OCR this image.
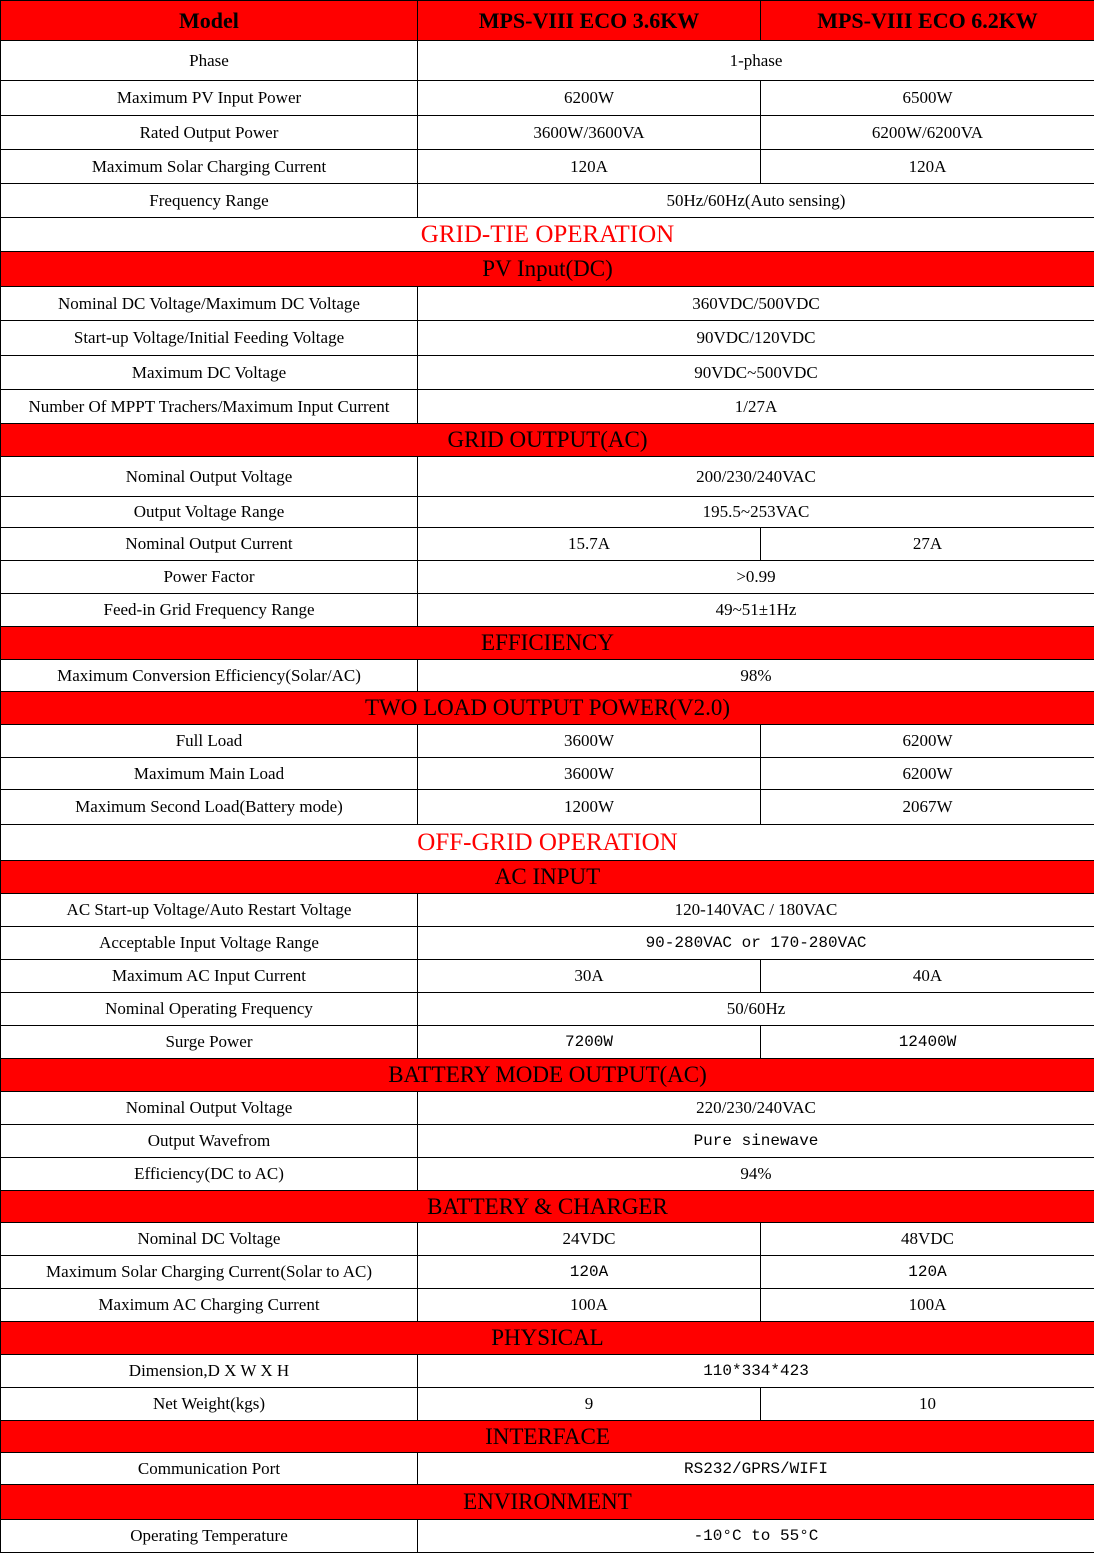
Model	MPS-VIII ECO 3.6KW	MPS-VIII ECO 6.2KW
Phase	1-phase	
Maximum PV Input Power	6200W	6500W
Rated Output Power	3600W/3600VA	6200W/6200VA
Maximum Solar Charging Current	120A	120A
Frequency Range	50Hz/60Hz(Auto sensing)	
GRID-TIE OPERATION		
PV Input(DC)		
Nominal DC Voltage/Maximum DC Voltage	360VDC/500VDC	
Start-up Voltage/Initial Feeding Voltage	90VDC/120VDC	
Maximum DC Voltage	90VDC~500VDC	
Number Of MPPT Trachers/Maximum Input Current	1/27A	
GRID OUTPUT(AC)		
Nominal Output Voltage	200/230/240VAC	
Output Voltage Range	195.5~253VAC	
Nominal Output Current	15.7A	27A
Power Factor	>0.99	
Feed-in Grid Frequency Range	49~51±1Hz	
EFFICIENCY		
Maximum Conversion Efficiency(Solar/AC)	98%	
TWO LOAD OUTPUT POWER(V2.0)		
Full Load	3600W	6200W
Maximum Main Load	3600W	6200W
Maximum Second Load(Battery mode)	1200W	2067W
OFF-GRID OPERATION		
AC INPUT		
AC Start-up Voltage/Auto Restart Voltage	120-140VAC / 180VAC	
Acceptable Input Voltage Range	90-280VAC or 170-280VAC	
Maximum AC Input Current	30A	40A
Nominal Operating Frequency	50/60Hz	
Surge Power	7200W	12400W
BATTERY MODE OUTPUT(AC)		
Nominal Output Voltage	220/230/240VAC	
Output Wavefrom	Pure sinewave	
Efficiency(DC to AC)	94%	
BATTERY & CHARGER		
Nominal DC Voltage	24VDC	48VDC
Maximum Solar Charging Current(Solar to AC)	120A	120A
Maximum AC Charging Current	100A	100A
PHYSICAL		
Dimension,D X W X H	110*334*423	
Net Weight(kgs)	9	10
INTERFACE		
Communication Port	RS232/GPRS/WIFI	
ENVIRONMENT		
Operating Temperature	-10°C to 55°C	
